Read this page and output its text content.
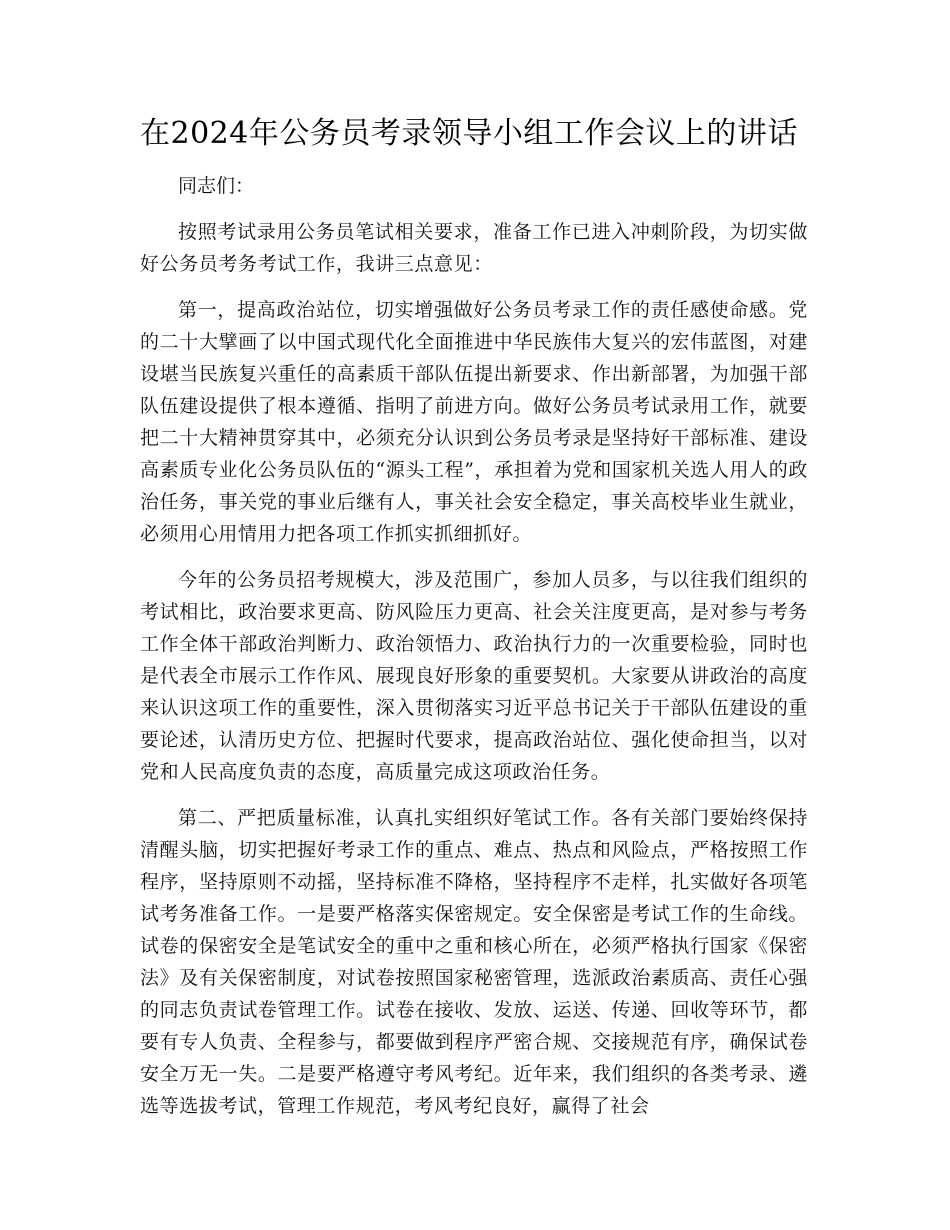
在2024年公务员考录领导小组工作会议上的讲话

同志们：

按照考试录用公务员笔试相关要求，准备工作已进入冲刺阶段，为切实做好公务员考务考试工作，我讲三点意见：

第一，提高政治站位，切实增强做好公务员考录工作的责任感使命感。党的二十大擘画了以中国式现代化全面推进中华民族伟大复兴的宏伟蓝图，对建设堪当民族复兴重任的高素质干部队伍提出新要求、作出新部署，为加强干部队伍建设提供了根本遵循、指明了前进方向。做好公务员考试录用工作，就要把二十大精神贯穿其中，必须充分认识到公务员考录是坚持好干部标准、建设高素质专业化公务员队伍的“源头工程”，承担着为党和国家机关选人用人的政治任务，事关党的事业后继有人，事关社会安全稳定，事关高校毕业生就业，必须用心用情用力把各项工作抓实抓细抓好。

今年的公务员招考规模大，涉及范围广，参加人员多，与以往我们组织的考试相比，政治要求更高、防风险压力更高、社会关注度更高，是对参与考务工作全体干部政治判断力、政治领悟力、政治执行力的一次重要检验，同时也是代表全市展示工作作风、展现良好形象的重要契机。大家要从讲政治的高度来认识这项工作的重要性，深入贯彻落实习近平总书记关于干部队伍建设的重要论述，认清历史方位、把握时代要求，提高政治站位、强化使命担当，以对党和人民高度负责的态度，高质量完成这项政治任务。

第二、严把质量标准，认真扎实组织好笔试工作。各有关部门要始终保持清醒头脑，切实把握好考录工作的重点、难点、热点和风险点，严格按照工作程序，坚持原则不动摇，坚持标准不降格，坚持程序不走样，扎实做好各项笔试考务准备工作。一是要严格落实保密规定。安全保密是考试工作的生命线。试卷的保密安全是笔试安全的重中之重和核心所在，必须严格执行国家《保密法》及有关保密制度，对试卷按照国家秘密管理，选派政治素质高、责任心强的同志负责试卷管理工作。试卷在接收、发放、运送、传递、回收等环节，都要有专人负责、全程参与，都要做到程序严密合规、交接规范有序，确保试卷安全万无一失。二是要严格遵守考风考纪。近年来，我们组织的各类考录、遴选等选拔考试，管理工作规范，考风考纪良好，赢得了社会
